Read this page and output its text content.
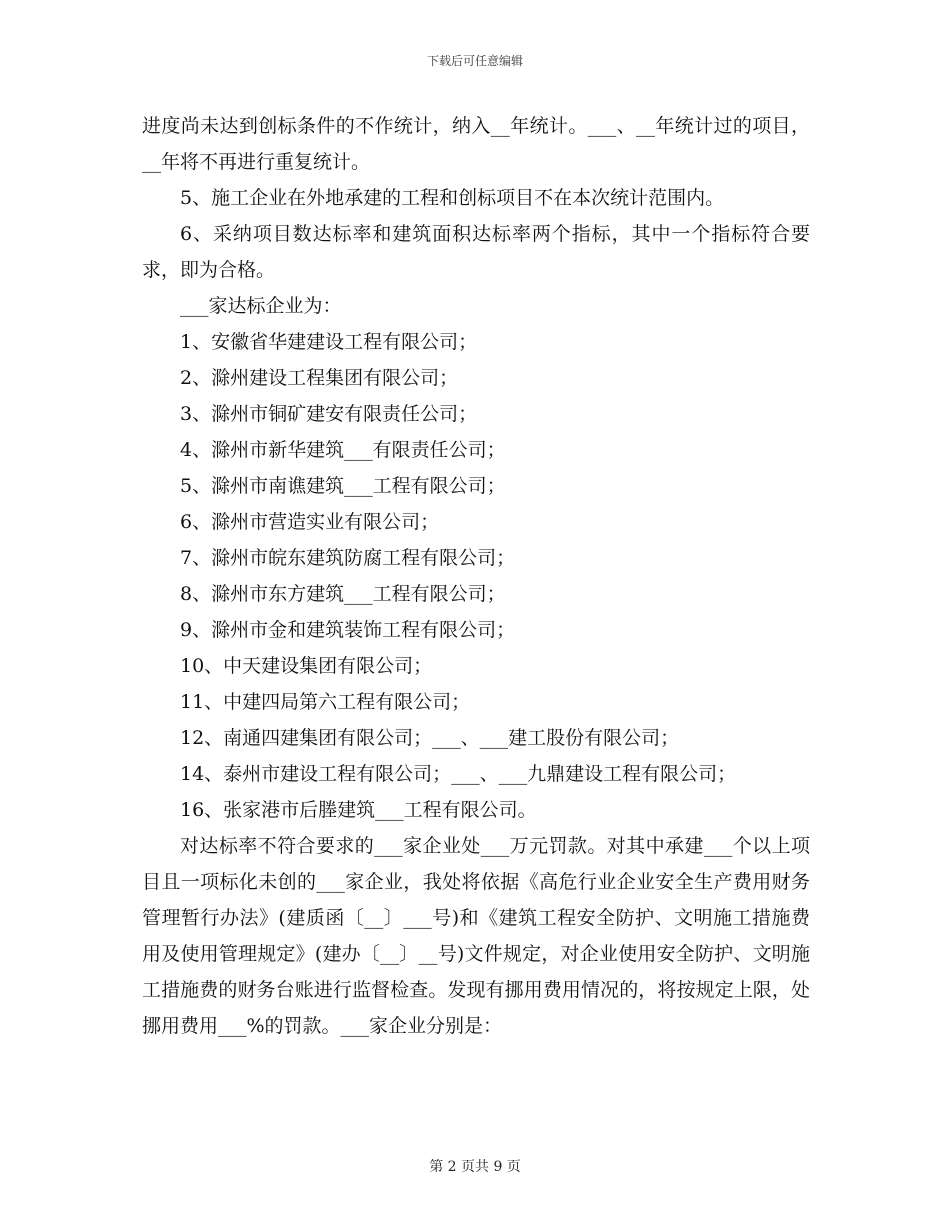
下载后可任意编辑

进度尚未达到创标条件的不作统计，纳入__年统计。___、__年统计过的项目，__年将不再进行重复统计。

5、施工企业在外地承建的工程和创标项目不在本次统计范围内。

6、采纳项目数达标率和建筑面积达标率两个指标，其中一个指标符合要求，即为合格。

___家达标企业为：

1、安徽省华建建设工程有限公司；

2、滁州建设工程集团有限公司；

3、滁州市铜矿建安有限责任公司；

4、滁州市新华建筑___有限责任公司；

5、滁州市南谯建筑___工程有限公司；

6、滁州市营造实业有限公司；

7、滁州市皖东建筑防腐工程有限公司；

8、滁州市东方建筑___工程有限公司；

9、滁州市金和建筑装饰工程有限公司；

10、中天建设集团有限公司；

11、中建四局第六工程有限公司；

12、南通四建集团有限公司；___、___建工股份有限公司；

14、泰州市建设工程有限公司；___、___九鼎建设工程有限公司；

16、张家港市后塍建筑___工程有限公司。

对达标率不符合要求的___家企业处___万元罚款。对其中承建___个以上项目且一项标化未创的___家企业，我处将依据《高危行业企业安全生产费用财务管理暂行办法》(建质函〔__〕___号)和《建筑工程安全防护、文明施工措施费用及使用管理规定》(建办〔__〕__号)文件规定，对企业使用安全防护、文明施工措施费的财务台账进行监督检查。发现有挪用费用情况的，将按规定上限，处挪用费用___%的罚款。___家企业分别是：

第 2 页共 9 页
